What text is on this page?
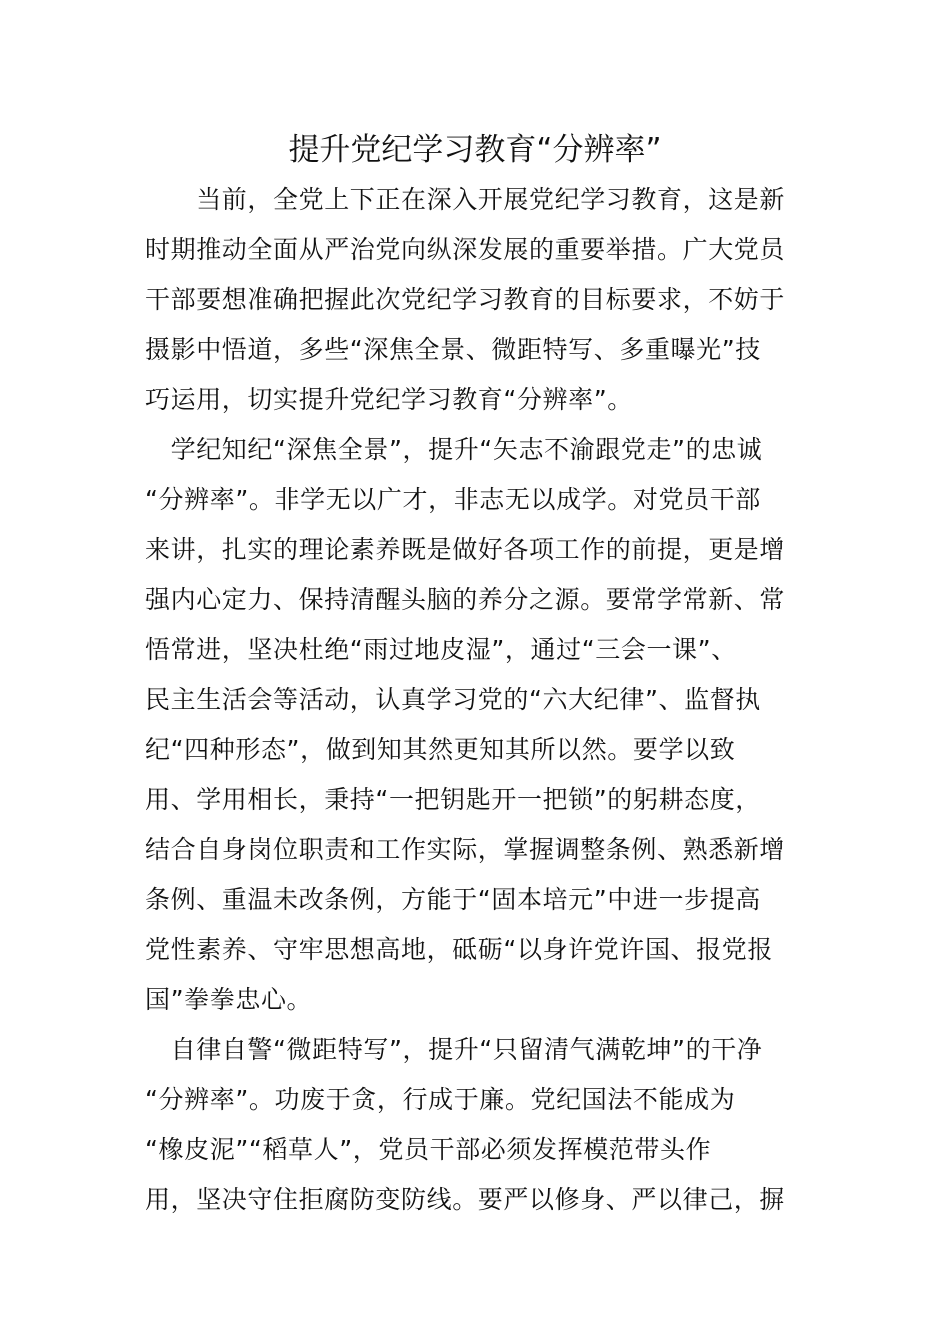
提升党纪学习教育“分辨率”
　　当前，全党上下正在深入开展党纪学习教育，这是新
时期推动全面从严治党向纵深发展的重要举措。广大党员
干部要想准确把握此次党纪学习教育的目标要求，不妨于
摄影中悟道，多些“深焦全景、微距特写、多重曝光”技
巧运用，切实提升党纪学习教育“分辨率”。
　学纪知纪“深焦全景”，提升“矢志不渝跟党走”的忠诚
“分辨率”。非学无以广才，非志无以成学。对党员干部
来讲，扎实的理论素养既是做好各项工作的前提，更是增
强内心定力、保持清醒头脑的养分之源。要常学常新、常
悟常进，坚决杜绝“雨过地皮湿”，通过“三会一课”、
民主生活会等活动，认真学习党的“六大纪律”、监督执
纪“四种形态”，做到知其然更知其所以然。要学以致
用、学用相长，秉持“一把钥匙开一把锁”的躬耕态度，
结合自身岗位职责和工作实际，掌握调整条例、熟悉新增
条例、重温未改条例，方能于“固本培元”中进一步提高
党性素养、守牢思想高地，砥砺“以身许党许国、报党报
国”拳拳忠心。
　自律自警“微距特写”，提升“只留清气满乾坤”的干净
“分辨率”。功废于贪，行成于廉。党纪国法不能成为
“橡皮泥”“稻草人”，党员干部必须发挥模范带头作
用，坚决守住拒腐防变防线。要严以修身、严以律己，摒
